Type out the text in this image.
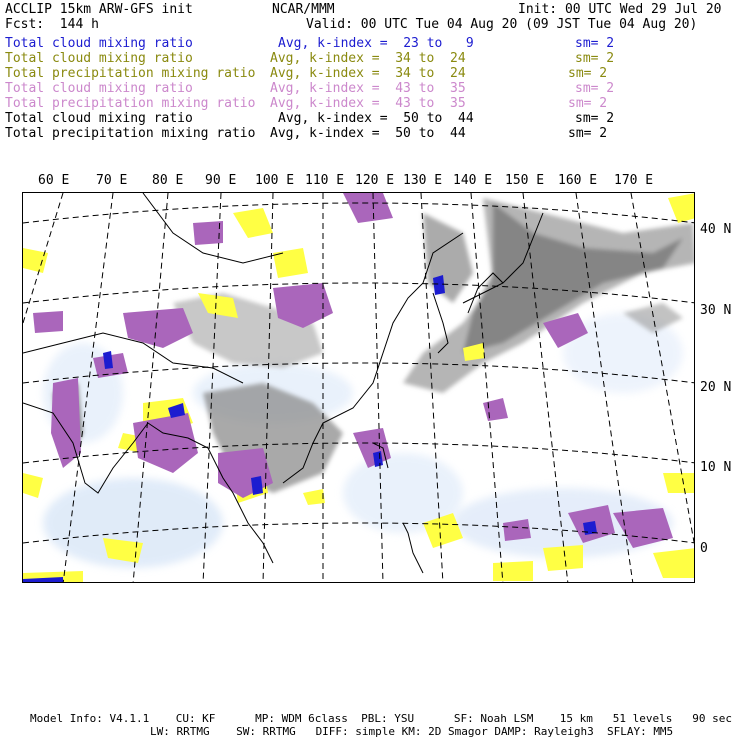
ACCLIP 15km ARW-GFS init	NCAR/MMM	Init: 00 UTC Wed 29 Jul 20
Fcst:  144 h	Valid: 00 UTC Tue 04 Aug 20 (09 JST Tue 04 Aug 20)
Total cloud mixing ratio	Avg, k-index =  23 to   9	sm= 2
Total cloud mixing ratio	Avg, k-index =  34 to  24	sm= 2
Total precipitation mixing ratio Avg, k-index =  34 to  24	sm= 2
Total cloud mixing ratio	Avg, k-index =  43 to  35	sm= 2
Total precipitation mixing ratio Avg, k-index =  43 to  35	sm= 2
Total cloud mixing ratio	Avg, k-index =  50 to  44	sm= 2
Total precipitation mixing ratio Avg, k-index =  50 to  44	sm= 2
60 E 70 E 80 E 90 E 100 E 110 E 120 E 130 E 140 E 150 E 160 E 170 E
40 N
30 N
20 N
10 N
0
Model Info: V4.1.1    CU: KF      MP: WDM 6class  PBL: YSU      SF: Noah LSM    15 km   51 levels   90 sec
LW: RRTMG    SW: RRTMG   DIFF: simple KM: 2D Smagor DAMP: Rayleigh3  SFLAY: MM5
